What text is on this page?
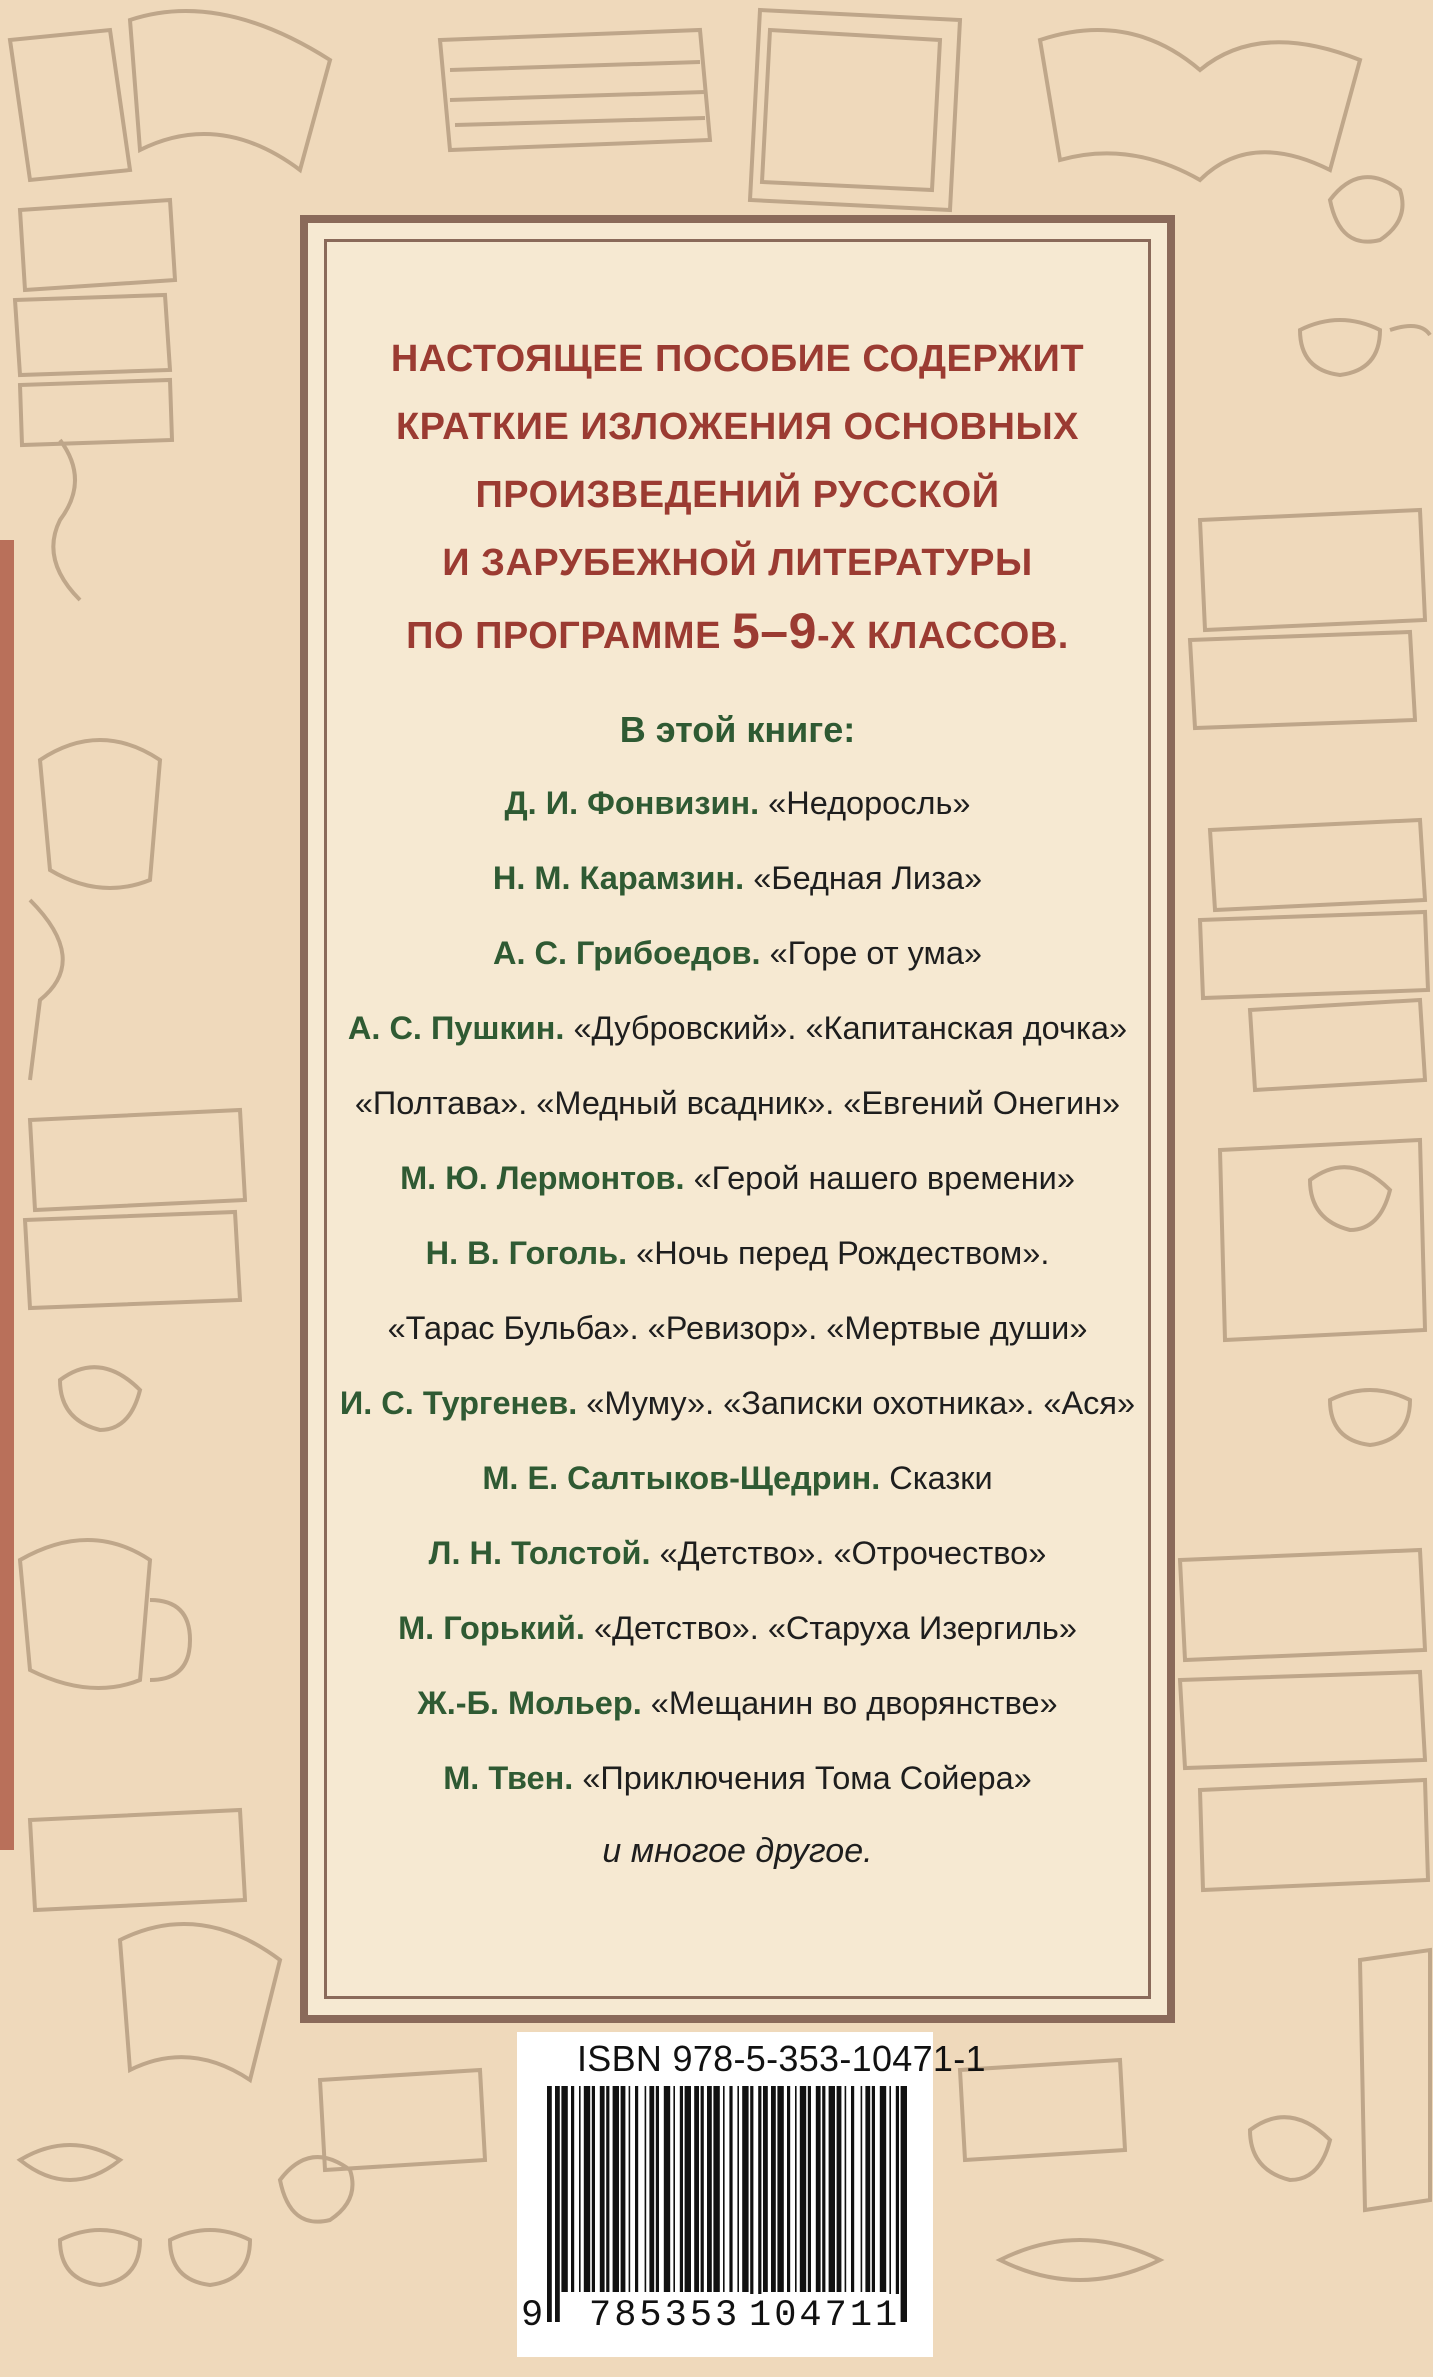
НАСТОЯЩЕЕ ПОСОБИЕ СОДЕРЖИТ
КРАТКИЕ ИЗЛОЖЕНИЯ ОСНОВНЫХ
ПРОИЗВЕДЕНИЙ РУССКОЙ
И ЗАРУБЕЖНОЙ ЛИТЕРАТУРЫ
ПО ПРОГРАММЕ 5–9-Х КЛАССОВ.
В этой книге:
Д. И. Фонвизин. «Недоросль»
Н. М. Карамзин. «Бедная Лиза»
А. С. Грибоедов. «Горе от ума»
А. С. Пушкин. «Дубровский». «Капитанская дочка»
«Полтава». «Медный всадник». «Евгений Онегин»
М. Ю. Лермонтов. «Герой нашего времени»
Н. В. Гоголь. «Ночь перед Рождеством».
«Тарас Бульба». «Ревизор». «Мертвые души»
И. С. Тургенев. «Муму». «Записки охотника». «Ася»
М. Е. Салтыков-Щедрин. Сказки
Л. Н. Толстой. «Детство». «Отрочество»
М. Горький. «Детство». «Старуха Изергиль»
Ж.-Б. Мольер. «Мещанин во дворянстве»
М. Твен. «Приключения Тома Сойера»
и многое другое.
ISBN 978-5-353-10471-1
9 785353 104711
